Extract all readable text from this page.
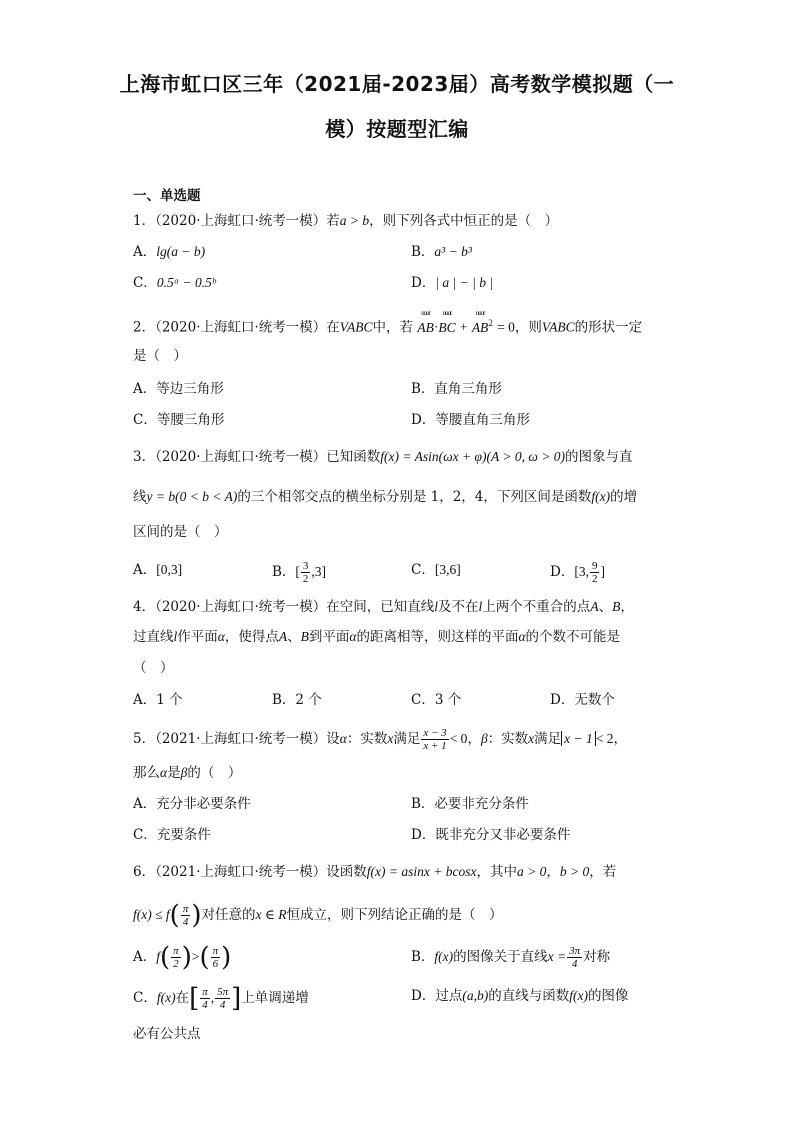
上海市虹口区三年（2021届-2023届）高考数学模拟题（一
模）按题型汇编
一、单选题
1．（2020·上海虹口·统考一模）若a > b，则下列各式中恒正的是（　）
A．lg(a − b)	B．a³ − b³
C．0.5ᵃ − 0.5ᵇ	D．| a | − | b |
2．（2020·上海虹口·统考一模）在VABC中，若
uuur
AB·
uuur
BC +
uuur
$AB^2 = 0$，则VABC的形状一定
是（　）
A．等边三角形	B．直角三角形
C．等腰三角形	D．等腰直角三角形
3．（2020·上海虹口·统考一模）已知函数f(x) = Asin(ωx + φ)(A > 0, ω > 0)的图象与直
线y = b(0 < b < A)的三个相邻交点的横坐标分别是 1，2，4，下列区间是函数f(x)的增
区间的是（　）
A．[0,3]	B．[ $\frac{3}{2} ,3$]	C．[3,6]	D．[3, $\frac{9}{2}$ ]
4．（2020·上海虹口·统考一模）在空间，已知直线l及不在l上两个不重合的点A、B，
过直线l作平面α，使得点A、B到平面α的距离相等，则这样的平面α的个数不可能是
（　）
A．1 个	B．2 个	C．3 个	D．无数个
5．（2021·上海虹口·统考一模）设α：实数x满足 $\frac{x - 3}{x + 1} < 0$，β：实数x满足 x − 1 < 2，
那么α是β的（　）
A．充分非必要条件	B．必要非充分条件
C．充要条件	D．既非充分又非必要条件
6．（2021·上海虹口·统考一模）设函数f(x) = asinx + bcosx，其中a > 0，b > 0，若
$f(x) \le f( \frac{\pi}{4}$ )对任意的x ∈ R恒成立，则下列结论正确的是（　）
A．$f( \frac{\pi}{2}$ )>( $\frac{\pi}{6}$ )	B．f(x)的图像关于直线$x = \frac{3\pi}{4}$ 对称
C．f(x)在[ $\frac{\pi}{4}$ , $\frac{5\pi}{4}$ ]上单调递增	D．过点(a,b)的直线与函数f(x)的图像
必有公共点
